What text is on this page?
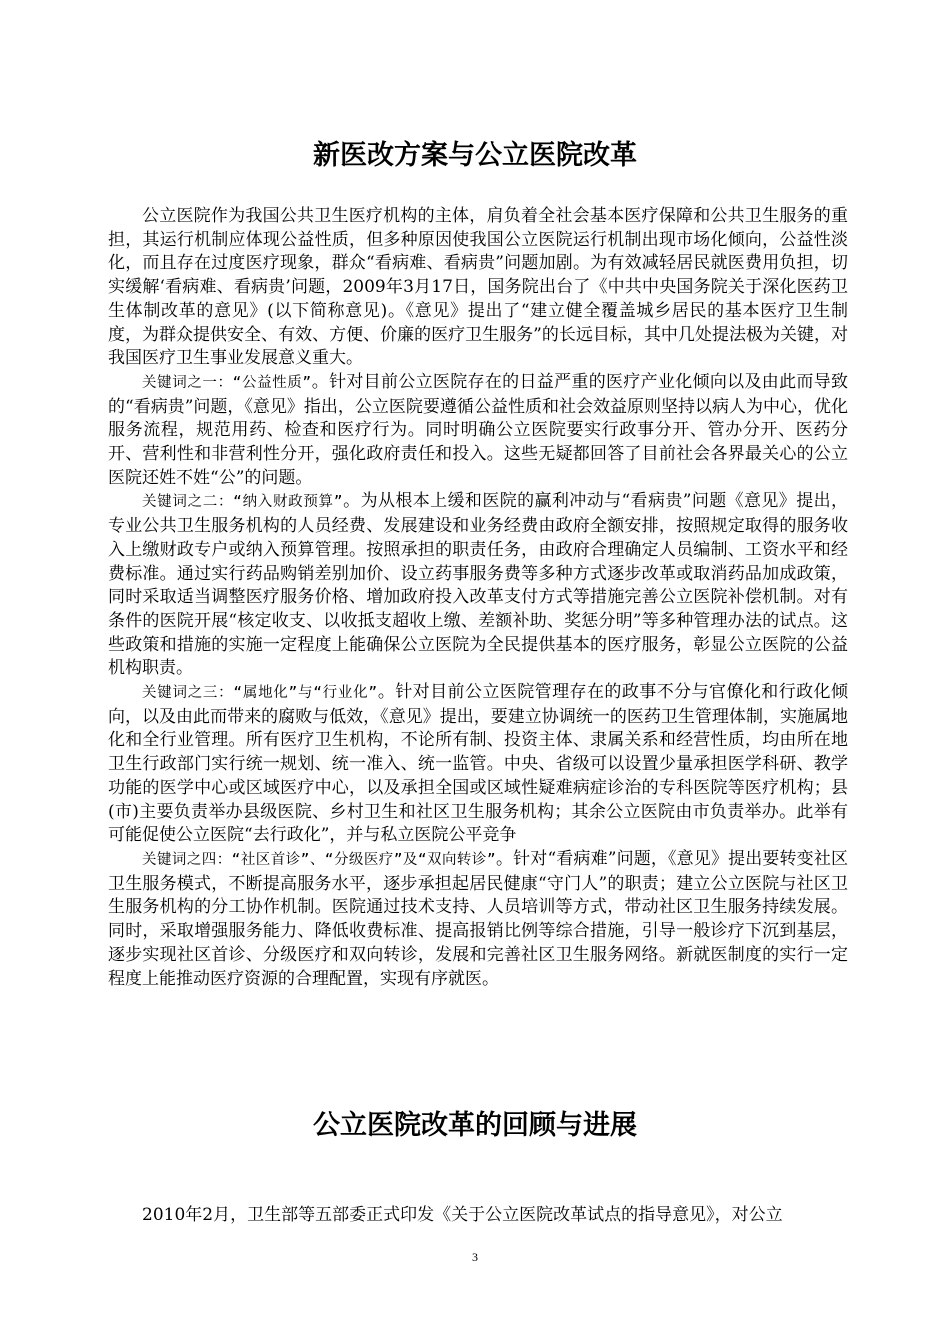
新医改方案与公立医院改革

公立医院作为我国公共卫生医疗机构的主体，肩负着全社会基本医疗保障和公共卫生服务的重担，其运行机制应体现公益性质，但多种原因使我国公立医院运行机制出现市场化倾向，公益性淡化，而且存在过度医疗现象，群众“看病难、看病贵”问题加剧。为有效减轻居民就医费用负担，切实缓解‘看病难、看病贵’问题，2009年3月17日，国务院出台了《中共中央国务院关于深化医药卫生体制改革的意见》(以下简称意见)。《意见》提出了“建立健全覆盖城乡居民的基本医疗卫生制度，为群众提供安全、有效、方便、价廉的医疗卫生服务”的长远目标，其中几处提法极为关键，对我国医疗卫生事业发展意义重大。

关键词之一：“公益性质”。针对目前公立医院存在的日益严重的医疗产业化倾向以及由此而导致的“看病贵”问题，《意见》指出，公立医院要遵循公益性质和社会效益原则坚持以病人为中心，优化服务流程，规范用药、检查和医疗行为。同时明确公立医院要实行政事分开、管办分开、医药分开、营利性和非营利性分开，强化政府责任和投入。这些无疑都回答了目前社会各界最关心的公立医院还姓不姓“公”的问题。

关键词之二：“纳入财政预算”。为从根本上缓和医院的赢利冲动与“看病贵”问题《意见》提出，专业公共卫生服务机构的人员经费、发展建设和业务经费由政府全额安排，按照规定取得的服务收入上缴财政专户或纳入预算管理。按照承担的职责任务，由政府合理确定人员编制、工资水平和经费标准。通过实行药品购销差别加价、设立药事服务费等多种方式逐步改革或取消药品加成政策，同时采取适当调整医疗服务价格、增加政府投入改革支付方式等措施完善公立医院补偿机制。对有条件的医院开展“核定收支、以收抵支超收上缴、差额补助、奖惩分明”等多种管理办法的试点。这些政策和措施的实施一定程度上能确保公立医院为全民提供基本的医疗服务，彰显公立医院的公益机构职责。

关键词之三：“属地化”与“行业化”。针对目前公立医院管理存在的政事不分与官僚化和行政化倾向，以及由此而带来的腐败与低效，《意见》提出，要建立协调统一的医药卫生管理体制，实施属地化和全行业管理。所有医疗卫生机构，不论所有制、投资主体、隶属关系和经营性质，均由所在地卫生行政部门实行统一规划、统一准入、统一监管。中央、省级可以设置少量承担医学科研、教学功能的医学中心或区域医疗中心，以及承担全国或区域性疑难病症诊治的专科医院等医疗机构；县(市)主要负责举办县级医院、乡村卫生和社区卫生服务机构；其余公立医院由市负责举办。此举有可能促使公立医院“去行政化”，并与私立医院公平竞争

关键词之四：“社区首诊”、“分级医疗”及“双向转诊”。针对“看病难”问题，《意见》提出要转变社区卫生服务模式，不断提高服务水平，逐步承担起居民健康“守门人”的职责；建立公立医院与社区卫生服务机构的分工协作机制。医院通过技术支持、人员培训等方式，带动社区卫生服务持续发展。同时，采取增强服务能力、降低收费标准、提高报销比例等综合措施，引导一般诊疗下沉到基层，逐步实现社区首诊、分级医疗和双向转诊，发展和完善社区卫生服务网络。新就医制度的实行一定程度上能推动医疗资源的合理配置，实现有序就医。

公立医院改革的回顾与进展

2010年2月，卫生部等五部委正式印发《关于公立医院改革试点的指导意见》，对公立

3
